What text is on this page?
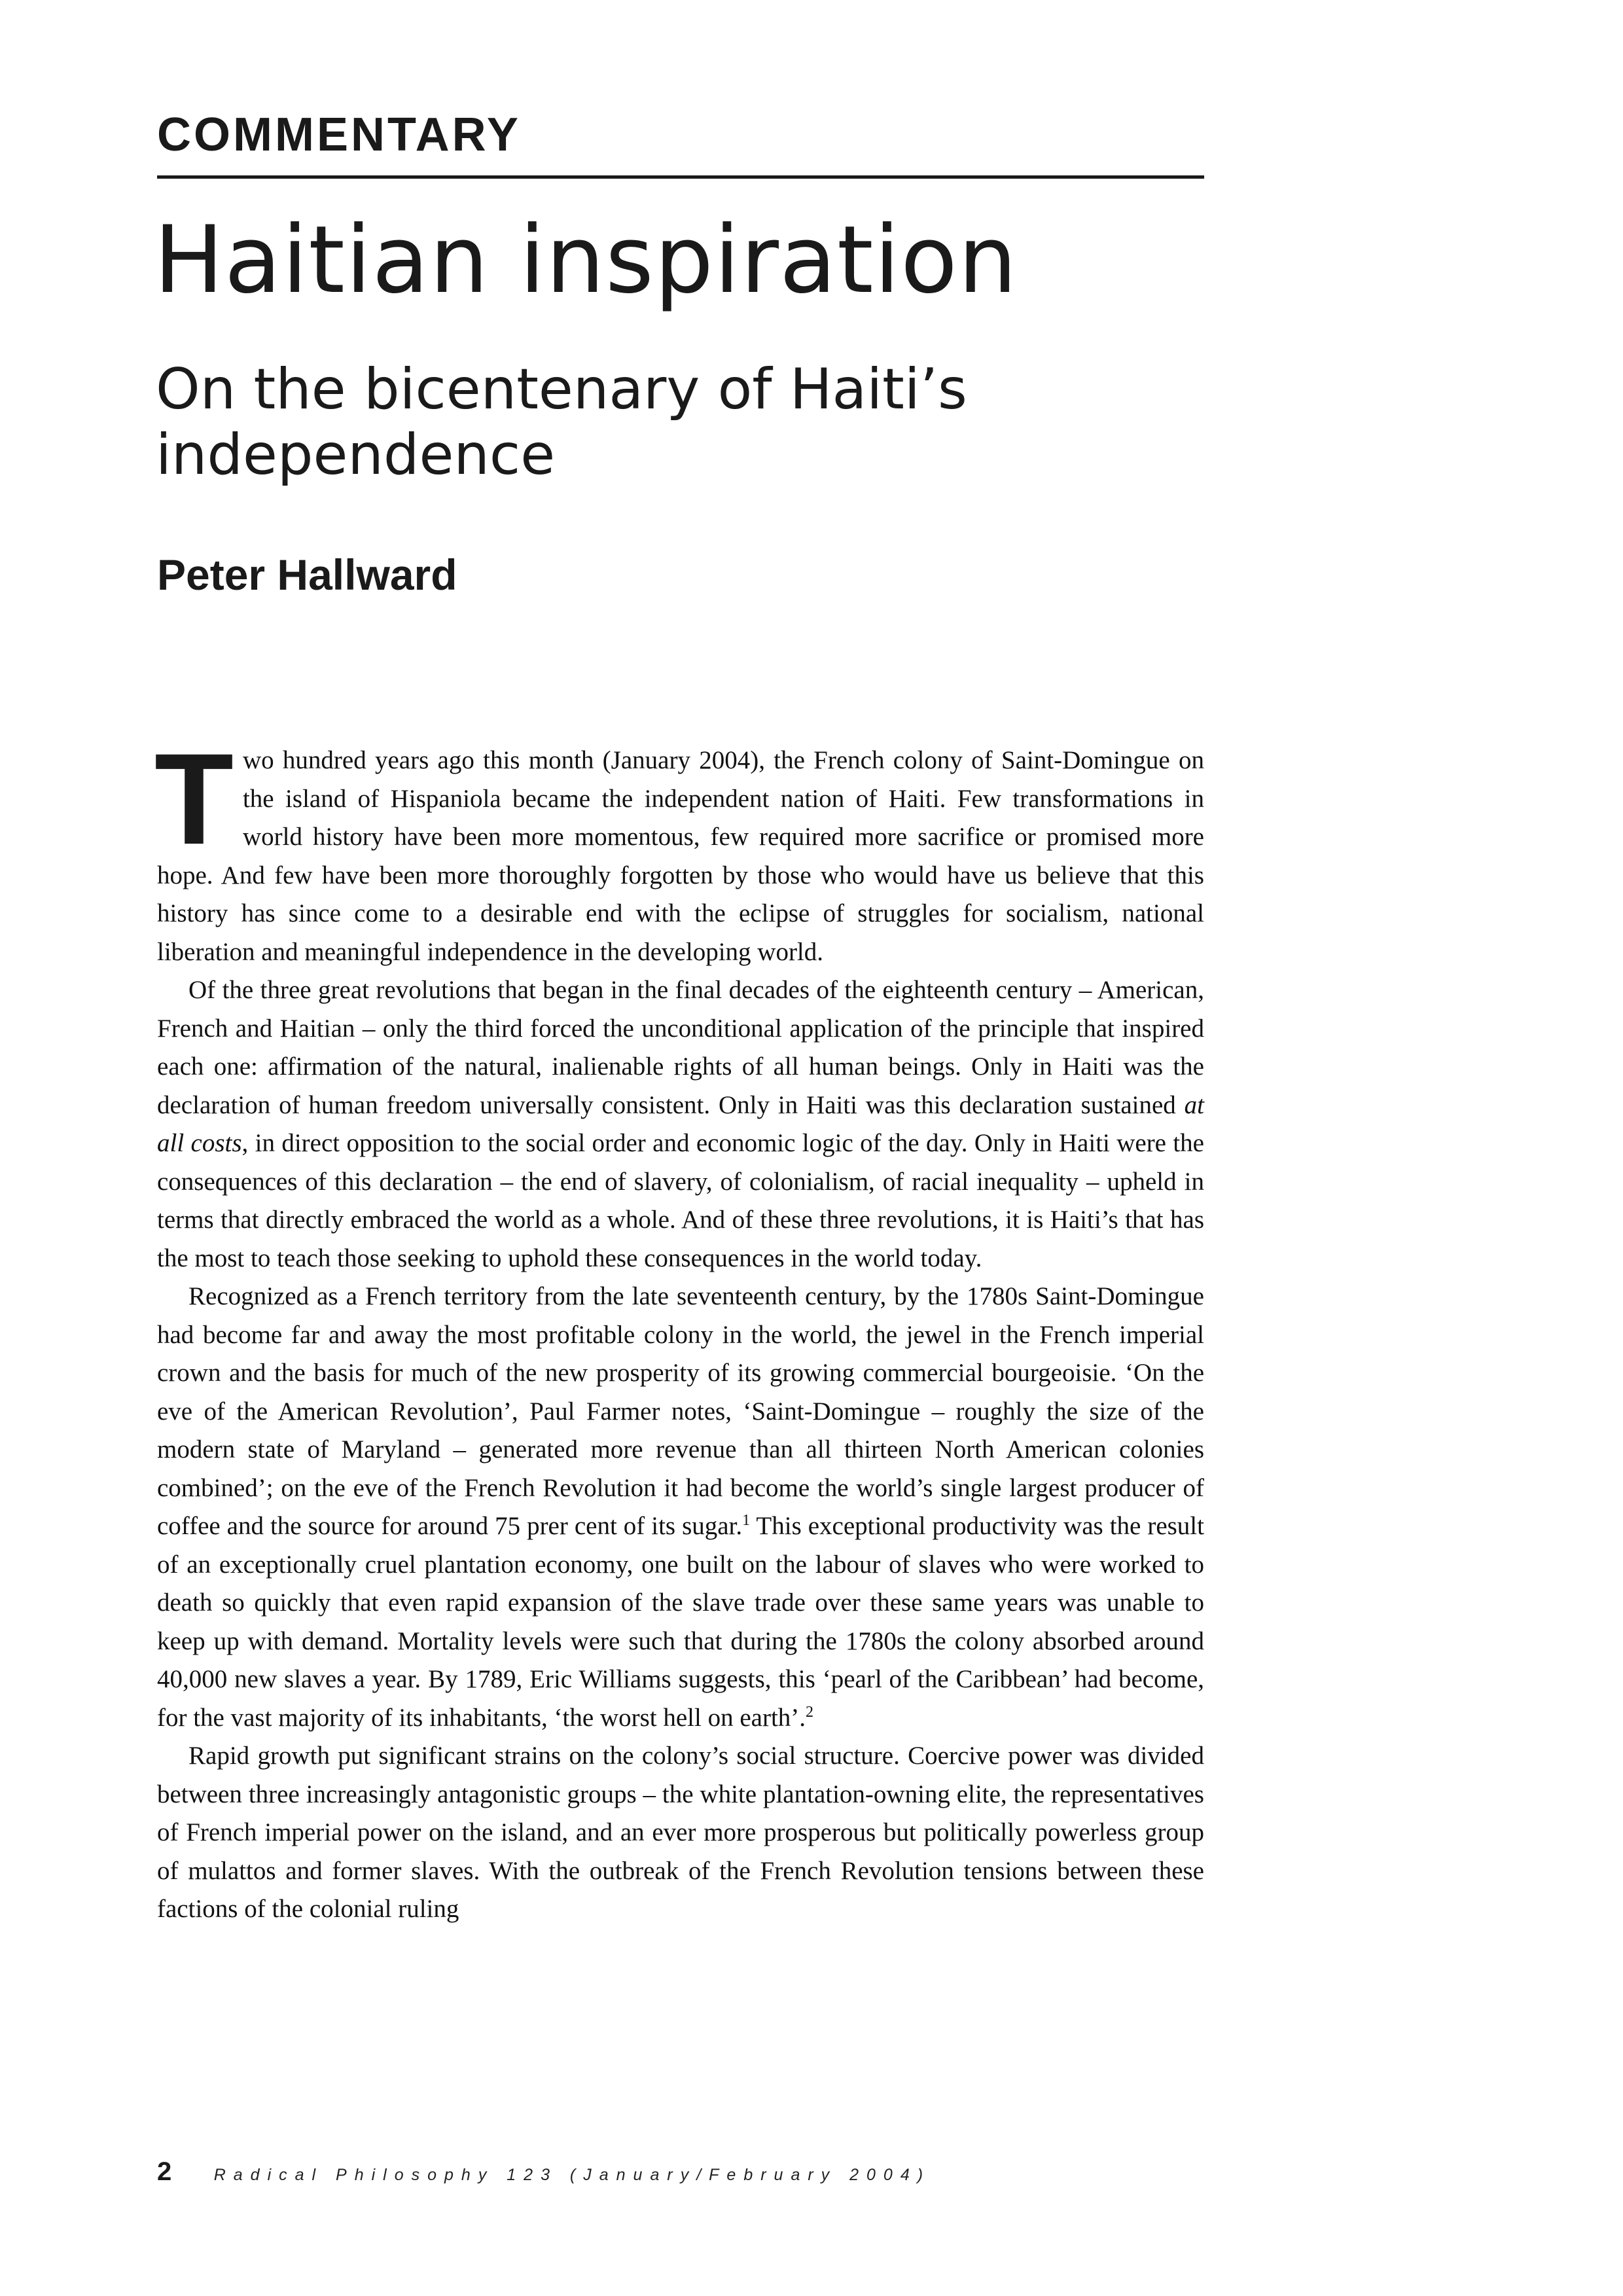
COMMENTARY
Haitian inspiration
On the bicentenary of Haiti’s independence
Peter Hallward

Two hundred years ago this month (January 2004), the French colony of Saint-Domingue on the island of Hispaniola became the independent nation of Haiti. Few transformations in world history have been more momentous, few required more sacrifice or promised more hope. And few have been more thoroughly forgotten by those who would have us believe that this history has since come to a desirable end with the eclipse of struggles for socialism, national liberation and meaningful independence in the developing world.

Of the three great revolutions that began in the final decades of the eighteenth century – American, French and Haitian – only the third forced the unconditional application of the principle that inspired each one: affirmation of the natural, inalienable rights of all human beings. Only in Haiti was the declaration of human freedom universally consistent. Only in Haiti was this declaration sustained at all costs, in direct opposition to the social order and economic logic of the day. Only in Haiti were the consequences of this declaration – the end of slavery, of colonialism, of racial inequality – upheld in terms that directly embraced the world as a whole. And of these three revolutions, it is Haiti’s that has the most to teach those seeking to uphold these consequences in the world today.

Recognized as a French territory from the late seventeenth century, by the 1780s Saint-Domingue had become far and away the most profitable colony in the world, the jewel in the French imperial crown and the basis for much of the new prosperity of its growing commercial bourgeoisie. ‘On the eve of the American Revolution’, Paul Farmer notes, ‘Saint-Domingue – roughly the size of the modern state of Maryland – generated more revenue than all thirteen North American colonies combined’; on the eve of the French Revolution it had become the world’s single largest producer of coffee and the source for around 75 prer cent of its sugar.$^1$ This exceptional productivity was the result of an exceptionally cruel plantation economy, one built on the labour of slaves who were worked to death so quickly that even rapid expansion of the slave trade over these same years was unable to keep up with demand. Mortality levels were such that during the 1780s the colony absorbed around 40,000 new slaves a year. By 1789, Eric Williams suggests, this ‘pearl of the Caribbean’ had become, for the vast majority of its inhabitants, ‘the worst hell on earth’.$^2$

Rapid growth put significant strains on the colony’s social structure. Coercive power was divided between three increasingly antagonistic groups – the white plantation-owning elite, the representatives of French imperial power on the island, and an ever more prosperous but politically powerless group of mulattos and former slaves. With the outbreak of the French Revolution tensions between these factions of the colonial ruling

2	Radical Philosophy 123 (January/February 2004)
